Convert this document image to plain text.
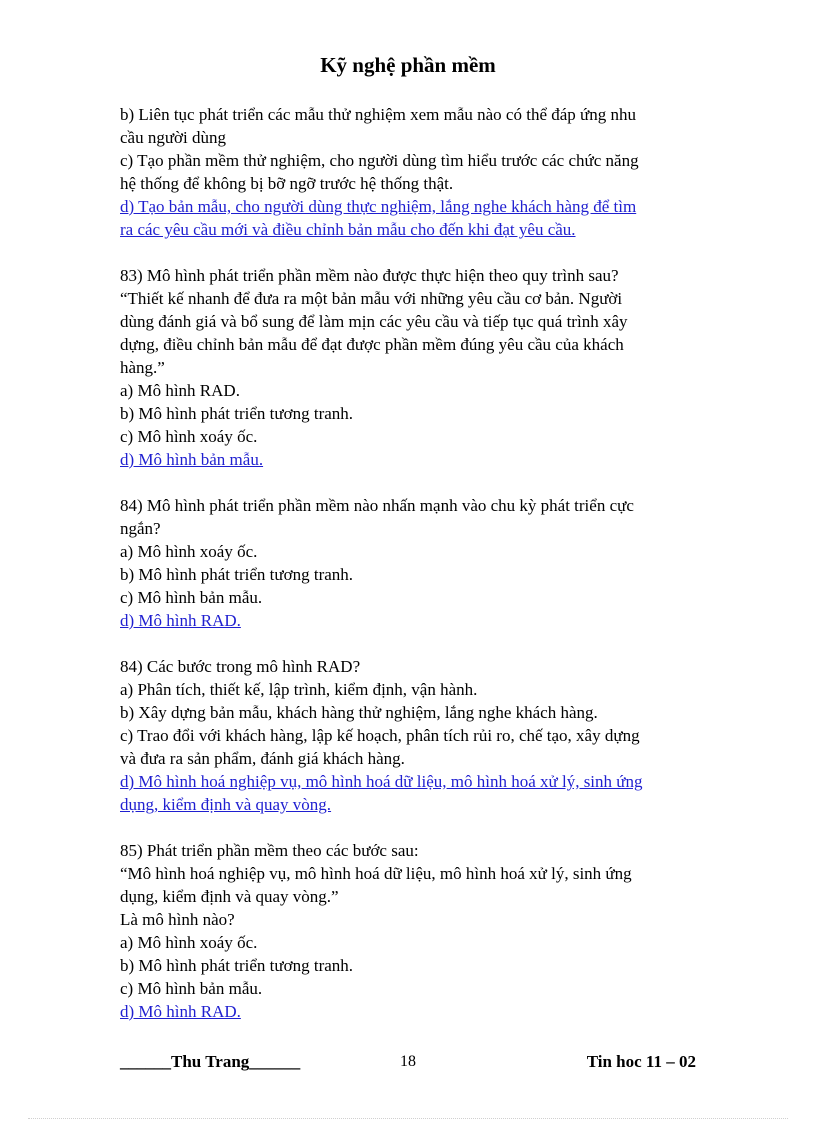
Kỹ nghệ phần mềm

b) Liên tục phát triển các mẫu thử nghiệm xem mẫu nào có thể đáp ứng nhu

cầu người dùng

c) Tạo phần mềm thử nghiệm, cho người dùng tìm hiểu trước các chức năng

hệ thống để không bị bỡ ngỡ trước hệ thống thật.

d) Tạo bản mẫu, cho người dùng thực nghiệm, lắng nghe khách hàng để tìm

ra các yêu cầu mới và điều chỉnh bản mẫu cho đến khi đạt yêu cầu.

83) Mô hình phát triển phần mềm nào được thực hiện theo quy trình sau?

“Thiết kế nhanh để đưa ra một bản mẫu với những yêu cầu cơ bản. Người

dùng đánh giá và bổ sung để làm mịn các yêu cầu và tiếp tục quá trình xây

dựng, điều chỉnh bản mẫu để đạt được phần mềm đúng yêu cầu của khách

hàng.”

a) Mô hình RAD.

b) Mô hình phát triển tương tranh.

c) Mô hình xoáy ốc.

d) Mô hình bản mẫu.

84) Mô hình phát triển phần mềm nào nhấn mạnh vào chu kỳ phát triển cực

ngắn?

a) Mô hình xoáy ốc.

b) Mô hình phát triển tương tranh.

c) Mô hình bản mẫu.

d) Mô hình RAD.

84) Các bước trong mô hình RAD?

a) Phân tích, thiết kế, lập trình, kiểm định, vận hành.

b) Xây dựng bản mẫu, khách hàng thử nghiệm, lắng nghe khách hàng.

c) Trao đổi với khách hàng, lập kế hoạch, phân tích rủi ro, chế tạo, xây dựng

và đưa ra sản phẩm, đánh giá khách hàng.

d) Mô hình hoá nghiệp vụ, mô hình hoá dữ liệu, mô hình hoá xử lý, sinh ứng

dụng, kiểm định và quay vòng.

85) Phát triển phần mềm theo các bước sau:

“Mô hình hoá nghiệp vụ, mô hình hoá dữ liệu, mô hình hoá xử lý, sinh ứng

dụng, kiểm định và quay vòng.”

Là mô hình nào?

a) Mô hình xoáy ốc.

b) Mô hình phát triển tương tranh.

c) Mô hình bản mẫu.

d) Mô hình RAD.

______Thu Trang______	18	Tin hoc 11 – 02
